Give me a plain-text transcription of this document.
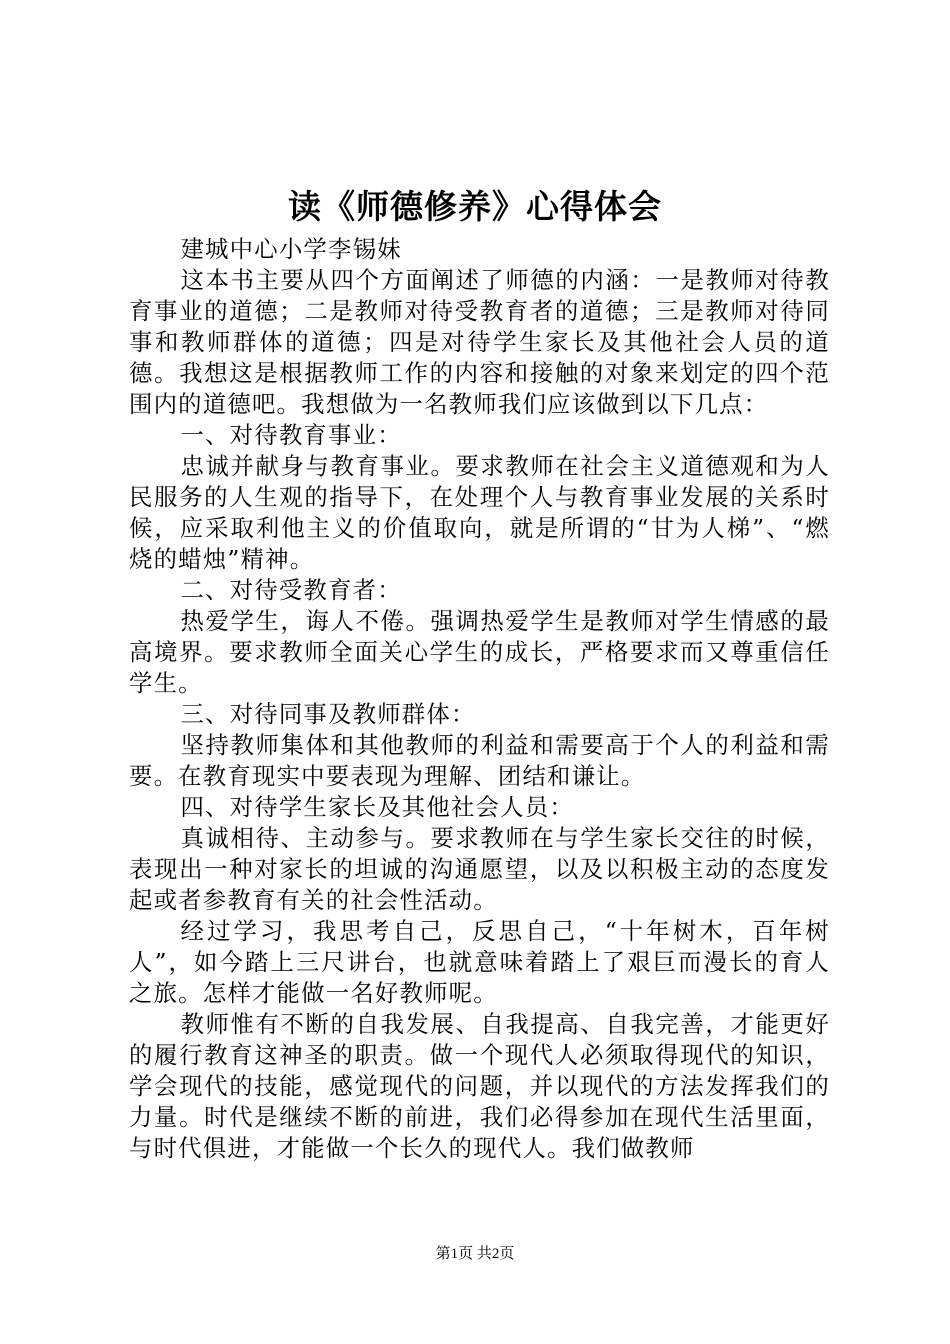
读《师德修养》心得体会

建城中心小学李锡妹

这本书主要从四个方面阐述了师德的内涵：一是教师对待教育事业的道德；二是教师对待受教育者的道德；三是教师对待同事和教师群体的道德；四是对待学生家长及其他社会人员的道德。我想这是根据教师工作的内容和接触的对象来划定的四个范围内的道德吧。我想做为一名教师我们应该做到以下几点：

一、对待教育事业：

忠诚并献身与教育事业。要求教师在社会主义道德观和为人民服务的人生观的指导下，在处理个人与教育事业发展的关系时候，应采取利他主义的价值取向，就是所谓的“甘为人梯”、“燃烧的蜡烛”精神。

二、对待受教育者：

热爱学生，诲人不倦。强调热爱学生是教师对学生情感的最高境界。要求教师全面关心学生的成长，严格要求而又尊重信任学生。

三、对待同事及教师群体：

坚持教师集体和其他教师的利益和需要高于个人的利益和需要。在教育现实中要表现为理解、团结和谦让。

四、对待学生家长及其他社会人员：

真诚相待、主动参与。要求教师在与学生家长交往的时候，表现出一种对家长的坦诚的沟通愿望，以及以积极主动的态度发起或者参教育有关的社会性活动。

经过学习，我思考自己，反思自己，“十年树木，百年树人”，如今踏上三尺讲台，也就意味着踏上了艰巨而漫长的育人之旅。怎样才能做一名好教师呢。

教师惟有不断的自我发展、自我提高、自我完善，才能更好的履行教育这神圣的职责。做一个现代人必须取得现代的知识，学会现代的技能，感觉现代的问题，并以现代的方法发挥我们的力量。时代是继续不断的前进，我们必得参加在现代生活里面，与时代俱进，才能做一个长久的现代人。我们做教师

第1页 共2页
